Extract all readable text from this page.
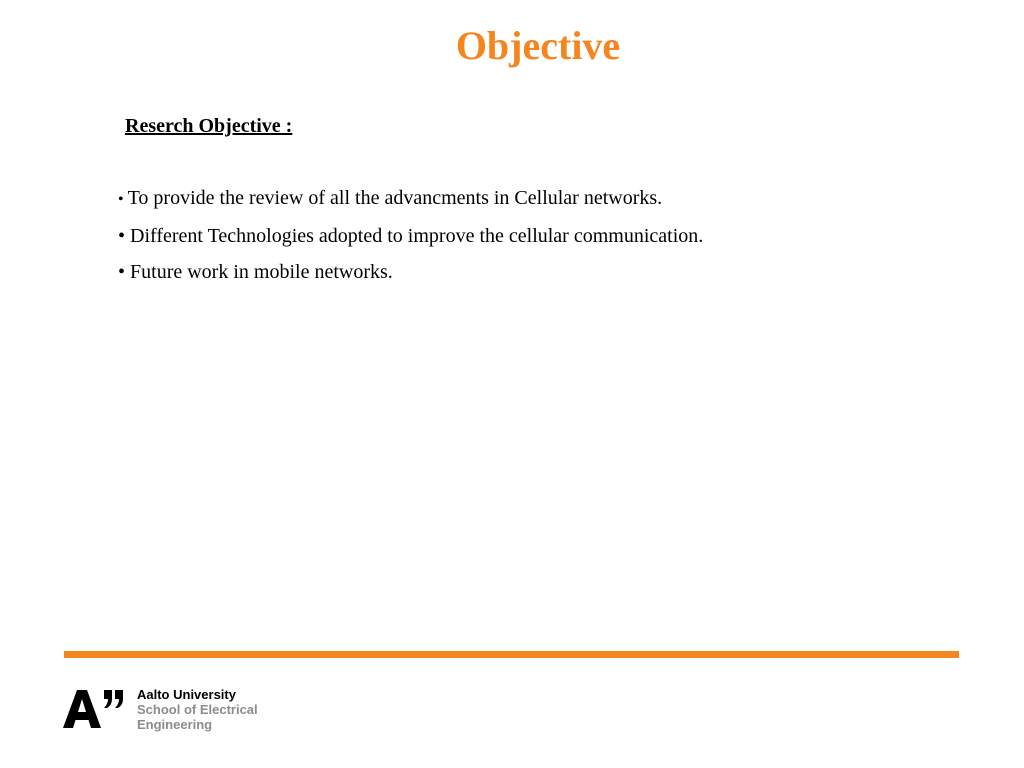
Objective
Reserch Objective :
• To provide the review of all the advancments in Cellular networks.
• Different Technologies adopted to improve the cellular communication.
• Future work in mobile networks.
Aalto University
School of Electrical
Engineering
